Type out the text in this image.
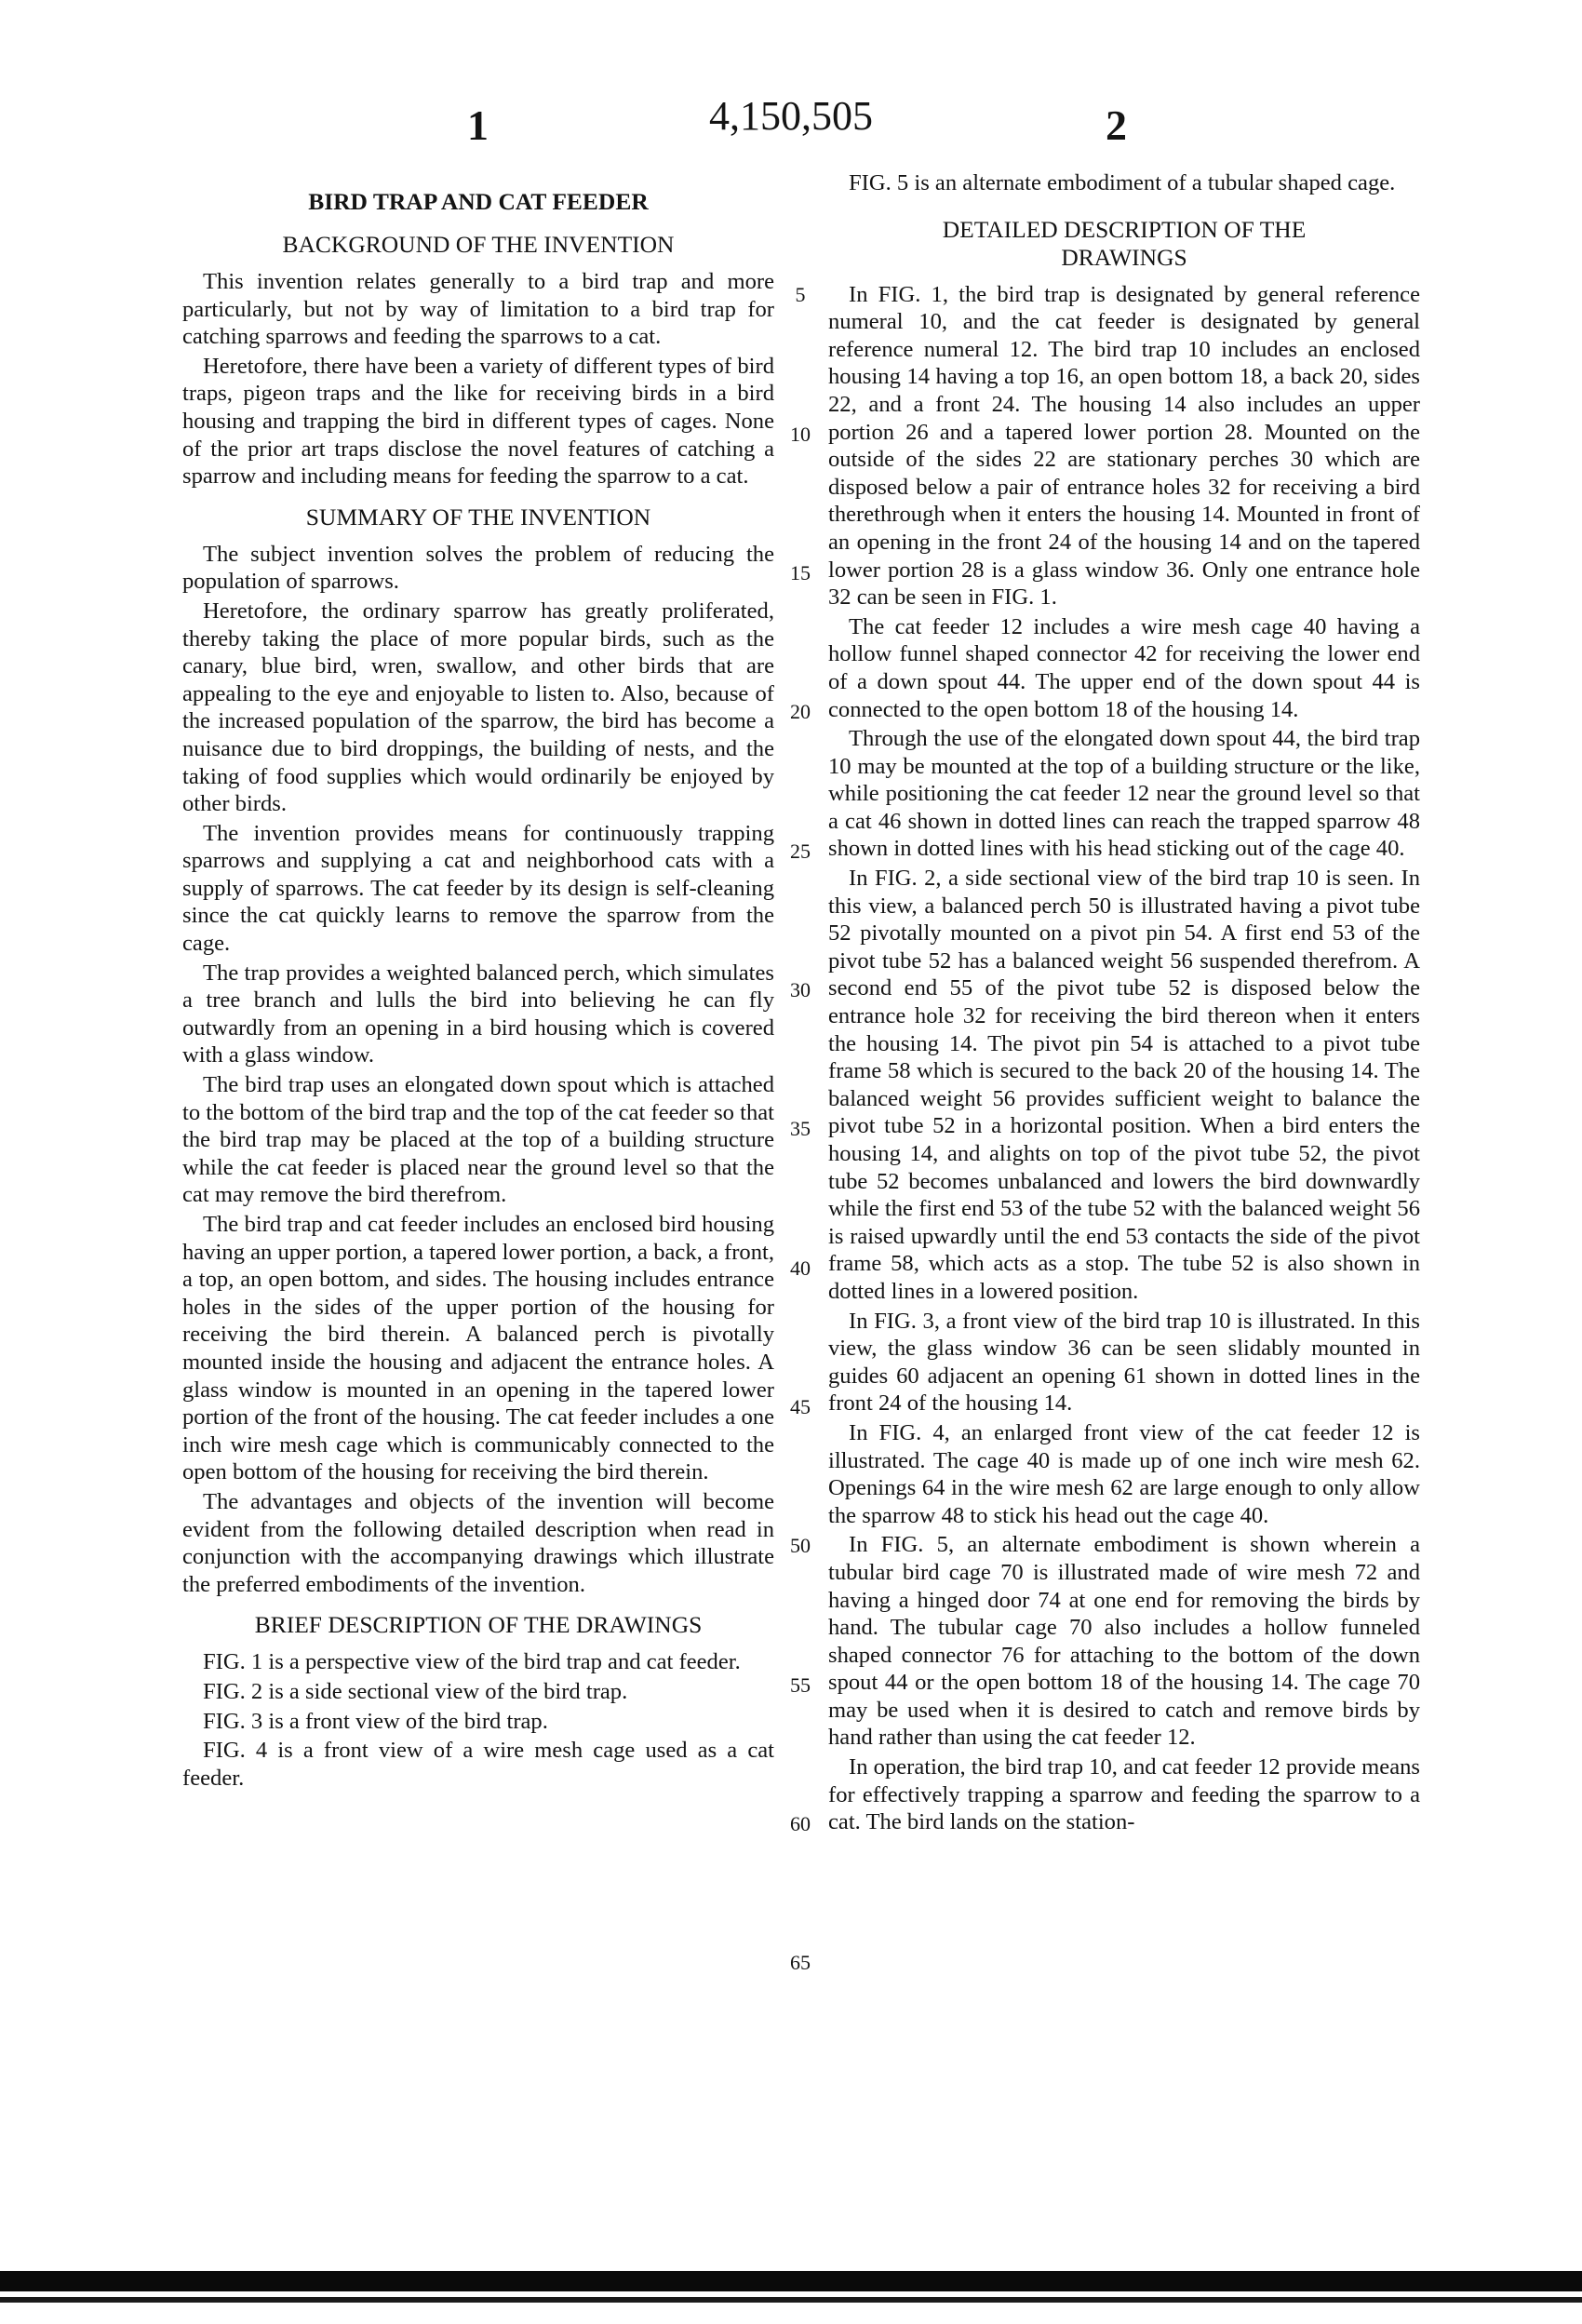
1	4,150,505	2
BIRD TRAP AND CAT FEEDER
BACKGROUND OF THE INVENTION

This invention relates generally to a bird trap and more particularly, but not by way of limitation to a bird trap for catching sparrows and feeding the sparrows to a cat.

Heretofore, there have been a variety of different types of bird traps, pigeon traps and the like for receiving birds in a bird housing and trapping the bird in different types of cages. None of the prior art traps disclose the novel features of catching a sparrow and including means for feeding the sparrow to a cat.

SUMMARY OF THE INVENTION

The subject invention solves the problem of reducing the population of sparrows.

Heretofore, the ordinary sparrow has greatly proliferated, thereby taking the place of more popular birds, such as the canary, blue bird, wren, swallow, and other birds that are appealing to the eye and enjoyable to listen to. Also, because of the increased population of the sparrow, the bird has become a nuisance due to bird droppings, the building of nests, and the taking of food supplies which would ordinarily be enjoyed by other birds.

The invention provides means for continuously trapping sparrows and supplying a cat and neighborhood cats with a supply of sparrows. The cat feeder by its design is self-cleaning since the cat quickly learns to remove the sparrow from the cage.

The trap provides a weighted balanced perch, which simulates a tree branch and lulls the bird into believing he can fly outwardly from an opening in a bird housing which is covered with a glass window.

The bird trap uses an elongated down spout which is attached to the bottom of the bird trap and the top of the cat feeder so that the bird trap may be placed at the top of a building structure while the cat feeder is placed near the ground level so that the cat may remove the bird therefrom.

The bird trap and cat feeder includes an enclosed bird housing having an upper portion, a tapered lower portion, a back, a front, a top, an open bottom, and sides. The housing includes entrance holes in the sides of the upper portion of the housing for receiving the bird therein. A balanced perch is pivotally mounted inside the housing and adjacent the entrance holes. A glass window is mounted in an opening in the tapered lower portion of the front of the housing. The cat feeder includes a one inch wire mesh cage which is communicably connected to the open bottom of the housing for receiving the bird therein.

The advantages and objects of the invention will become evident from the following detailed description when read in conjunction with the accompanying drawings which illustrate the preferred embodiments of the invention.

BRIEF DESCRIPTION OF THE DRAWINGS

FIG. 1 is a perspective view of the bird trap and cat feeder.

FIG. 2 is a side sectional view of the bird trap.

FIG. 3 is a front view of the bird trap.

FIG. 4 is a front view of a wire mesh cage used as a cat feeder.

5
10
15
20
25
30
35
40
45
50
55
60
65

FIG. 5 is an alternate embodiment of a tubular shaped cage.

DETAILED DESCRIPTION OF THE
DRAWINGS

In FIG. 1, the bird trap is designated by general reference numeral 10, and the cat feeder is designated by general reference numeral 12. The bird trap 10 includes an enclosed housing 14 having a top 16, an open bottom 18, a back 20, sides 22, and a front 24. The housing 14 also includes an upper portion 26 and a tapered lower portion 28. Mounted on the outside of the sides 22 are stationary perches 30 which are disposed below a pair of entrance holes 32 for receiving a bird therethrough when it enters the housing 14. Mounted in front of an opening in the front 24 of the housing 14 and on the tapered lower portion 28 is a glass window 36. Only one entrance hole 32 can be seen in FIG. 1.

The cat feeder 12 includes a wire mesh cage 40 having a hollow funnel shaped connector 42 for receiving the lower end of a down spout 44. The upper end of the down spout 44 is connected to the open bottom 18 of the housing 14.

Through the use of the elongated down spout 44, the bird trap 10 may be mounted at the top of a building structure or the like, while positioning the cat feeder 12 near the ground level so that a cat 46 shown in dotted lines can reach the trapped sparrow 48 shown in dotted lines with his head sticking out of the cage 40.

In FIG. 2, a side sectional view of the bird trap 10 is seen. In this view, a balanced perch 50 is illustrated having a pivot tube 52 pivotally mounted on a pivot pin 54. A first end 53 of the pivot tube 52 has a balanced weight 56 suspended therefrom. A second end 55 of the pivot tube 52 is disposed below the entrance hole 32 for receiving the bird thereon when it enters the housing 14. The pivot pin 54 is attached to a pivot tube frame 58 which is secured to the back 20 of the housing 14. The balanced weight 56 provides sufficient weight to balance the pivot tube 52 in a horizontal position. When a bird enters the housing 14, and alights on top of the pivot tube 52, the pivot tube 52 becomes unbalanced and lowers the bird downwardly while the first end 53 of the tube 52 with the balanced weight 56 is raised upwardly until the end 53 contacts the side of the pivot frame 58, which acts as a stop. The tube 52 is also shown in dotted lines in a lowered position.

In FIG. 3, a front view of the bird trap 10 is illustrated. In this view, the glass window 36 can be seen slidably mounted in guides 60 adjacent an opening 61 shown in dotted lines in the front 24 of the housing 14.

In FIG. 4, an enlarged front view of the cat feeder 12 is illustrated. The cage 40 is made up of one inch wire mesh 62. Openings 64 in the wire mesh 62 are large enough to only allow the sparrow 48 to stick his head out the cage 40.

In FIG. 5, an alternate embodiment is shown wherein a tubular bird cage 70 is illustrated made of wire mesh 72 and having a hinged door 74 at one end for removing the birds by hand. The tubular cage 70 also includes a hollow funneled shaped connector 76 for attaching to the bottom of the down spout 44 or the open bottom 18 of the housing 14. The cage 70 may be used when it is desired to catch and remove birds by hand rather than using the cat feeder 12.

In operation, the bird trap 10, and cat feeder 12 provide means for effectively trapping a sparrow and feeding the sparrow to a cat. The bird lands on the station-
